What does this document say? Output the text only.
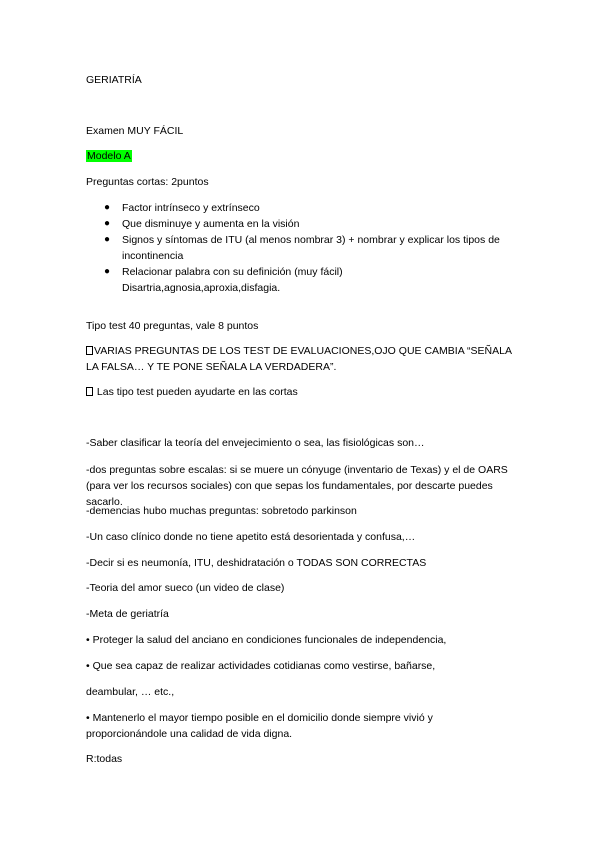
GERIATRÍA
Examen MUY FÁCIL
Modelo A
Preguntas cortas: 2puntos
● Factor intrínseco y extrínseco
● Que disminuye y aumenta en la visión
● Signos y síntomas de ITU (al menos nombrar 3) + nombrar y explicar los tipos de incontinencia
● Relacionar palabra con su definición (muy fácil)
Disartria,agnosia,aproxia,disfagia.
Tipo test 40 preguntas, vale 8 puntos
VARIAS PREGUNTAS DE LOS TEST DE EVALUACIONES,OJO QUE CAMBIA “SEÑALA LA FALSA… Y TE PONE SEÑALA LA VERDADERA”.
Las tipo test pueden ayudarte en las cortas
-Saber clasificar la teoría del envejecimiento o sea, las fisiológicas son…
-dos preguntas sobre escalas: si se muere un cónyuge (inventario de Texas) y el de OARS (para ver los recursos sociales) con que sepas los fundamentales, por descarte puedes sacarlo.
-demencias hubo muchas preguntas: sobretodo parkinson
-Un caso clínico donde no tiene apetito está desorientada y confusa,…
-Decir si es neumonía, ITU, deshidratación o TODAS SON CORRECTAS
-Teoria del amor sueco (un video de clase)
-Meta de geriatría
• Proteger la salud del anciano en condiciones funcionales de independencia,
• Que sea capaz de realizar actividades cotidianas como vestirse, bañarse,
deambular, … etc.,
• Mantenerlo el mayor tiempo posible en el domicilio donde siempre vivió y proporcionándole una calidad de vida digna.
R:todas
